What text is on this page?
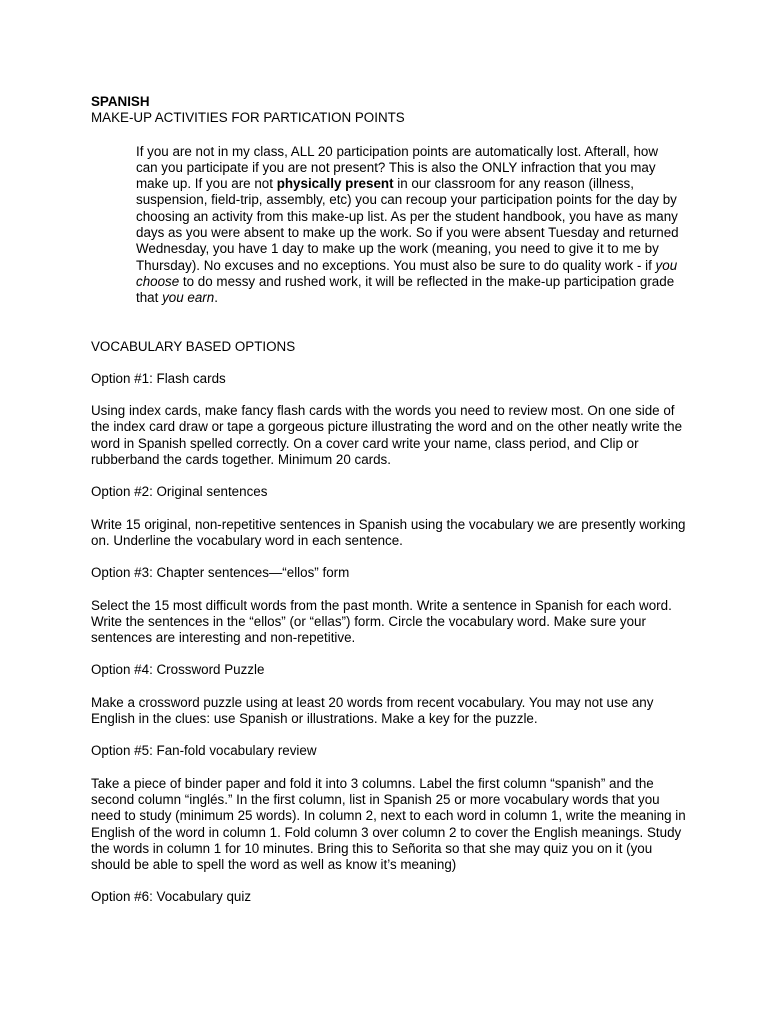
SPANISH

MAKE-UP ACTIVITIES FOR PARTICATION POINTS

If you are not in my class, ALL 20 participation points are automatically lost. Afterall, how can you participate if you are not present? This is also the ONLY infraction that you may make up. If you are not physically present in our classroom for any reason (illness, suspension, field-trip, assembly, etc) you can recoup your participation points for the day by choosing an activity from this make-up list. As per the student handbook, you have as many days as you were absent to make up the work. So if you were absent Tuesday and returned Wednesday, you have 1 day to make up the work (meaning, you need to give it to me by Thursday). No excuses and no exceptions. You must also be sure to do quality work - if you choose to do messy and rushed work, it will be reflected in the make-up participation grade that you earn.

VOCABULARY BASED OPTIONS

Option #1: Flash cards

Using index cards, make fancy flash cards with the words you need to review most. On one side of the index card draw or tape a gorgeous picture illustrating the word and on the other neatly write the word in Spanish spelled correctly. On a cover card write your name, class period, and Clip or rubberband the cards together. Minimum 20 cards.

Option #2: Original sentences

Write 15 original, non-repetitive sentences in Spanish using the vocabulary we are presently working on. Underline the vocabulary word in each sentence.

Option #3: Chapter sentences—“ellos” form

Select the 15 most difficult words from the past month. Write a sentence in Spanish for each word. Write the sentences in the “ellos” (or “ellas”) form. Circle the vocabulary word. Make sure your sentences are interesting and non-repetitive.

Option #4: Crossword Puzzle

Make a crossword puzzle using at least 20 words from recent vocabulary. You may not use any English in the clues: use Spanish or illustrations. Make a key for the puzzle.

Option #5: Fan-fold vocabulary review

Take a piece of binder paper and fold it into 3 columns. Label the first column “spanish” and the second column “inglés.” In the first column, list in Spanish 25 or more vocabulary words that you need to study (minimum 25 words). In column 2, next to each word in column 1, write the meaning in English of the word in column 1. Fold column 3 over column 2 to cover the English meanings. Study the words in column 1 for 10 minutes. Bring this to Señorita so that she may quiz you on it (you should be able to spell the word as well as know it’s meaning)

Option #6: Vocabulary quiz
